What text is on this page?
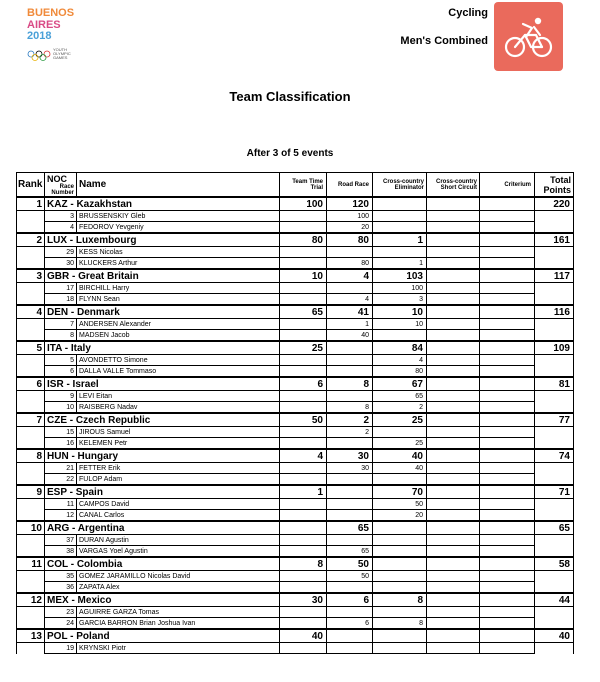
BUENOS
AIRES
2018
YOUTH OLYMPIC GAMES
Cycling
Men's Combined
Team Classification
After 3 of 5 events
Rank	NOC
Race Number	Name	Team Time Trial	Road Race	Cross-country Eliminator	Cross-country Short Circuit	Criterium	Total Points
1	KAZ - Kazakhstan		100	120				220
	3	BRUSSENSKIY Gleb		100				
	4	FEDOROV Yevgeniy		20				
2	LUX - Luxembourg		80	80	1			161
	29	KESS Nicolas						
	30	KLUCKERS Arthur		80	1			
3	GBR - Great Britain		10	4	103			117
	17	BIRCHILL Harry			100			
	18	FLYNN Sean		4	3			
4	DEN - Denmark		65	41	10			116
	7	ANDERSEN Alexander		1	10			
	8	MADSEN Jacob		40				
5	ITA - Italy		25		84			109
	5	AVONDETTO Simone			4			
	6	DALLA VALLE Tommaso			80			
6	ISR - Israel		6	8	67			81
	9	LEVI Eitan			65			
	10	RAISBERG Nadav		8	2			
7	CZE - Czech Republic		50	2	25			77
	15	JIROUS Samuel		2				
	16	KELEMEN Petr			25			
8	HUN - Hungary		4	30	40			74
	21	FETTER Erik		30	40			
	22	FULOP Adam						
9	ESP - Spain		1		70			71
	11	CAMPOS David			50			
	12	CANAL Carlos			20			
10	ARG - Argentina			65				65
	37	DURAN Agustin						
	38	VARGAS Yoel Agustin		65				
11	COL - Colombia		8	50				58
	35	GOMEZ JARAMILLO Nicolas David		50				
	36	ZAPATA Alex						
12	MEX - Mexico		30	6	8			44
	23	AGUIRRE GARZA Tomas						
	24	GARCIA BARRON Brian Joshua Ivan		6	8			
13	POL - Poland		40					40
	19	KRYNSKI Piotr						
